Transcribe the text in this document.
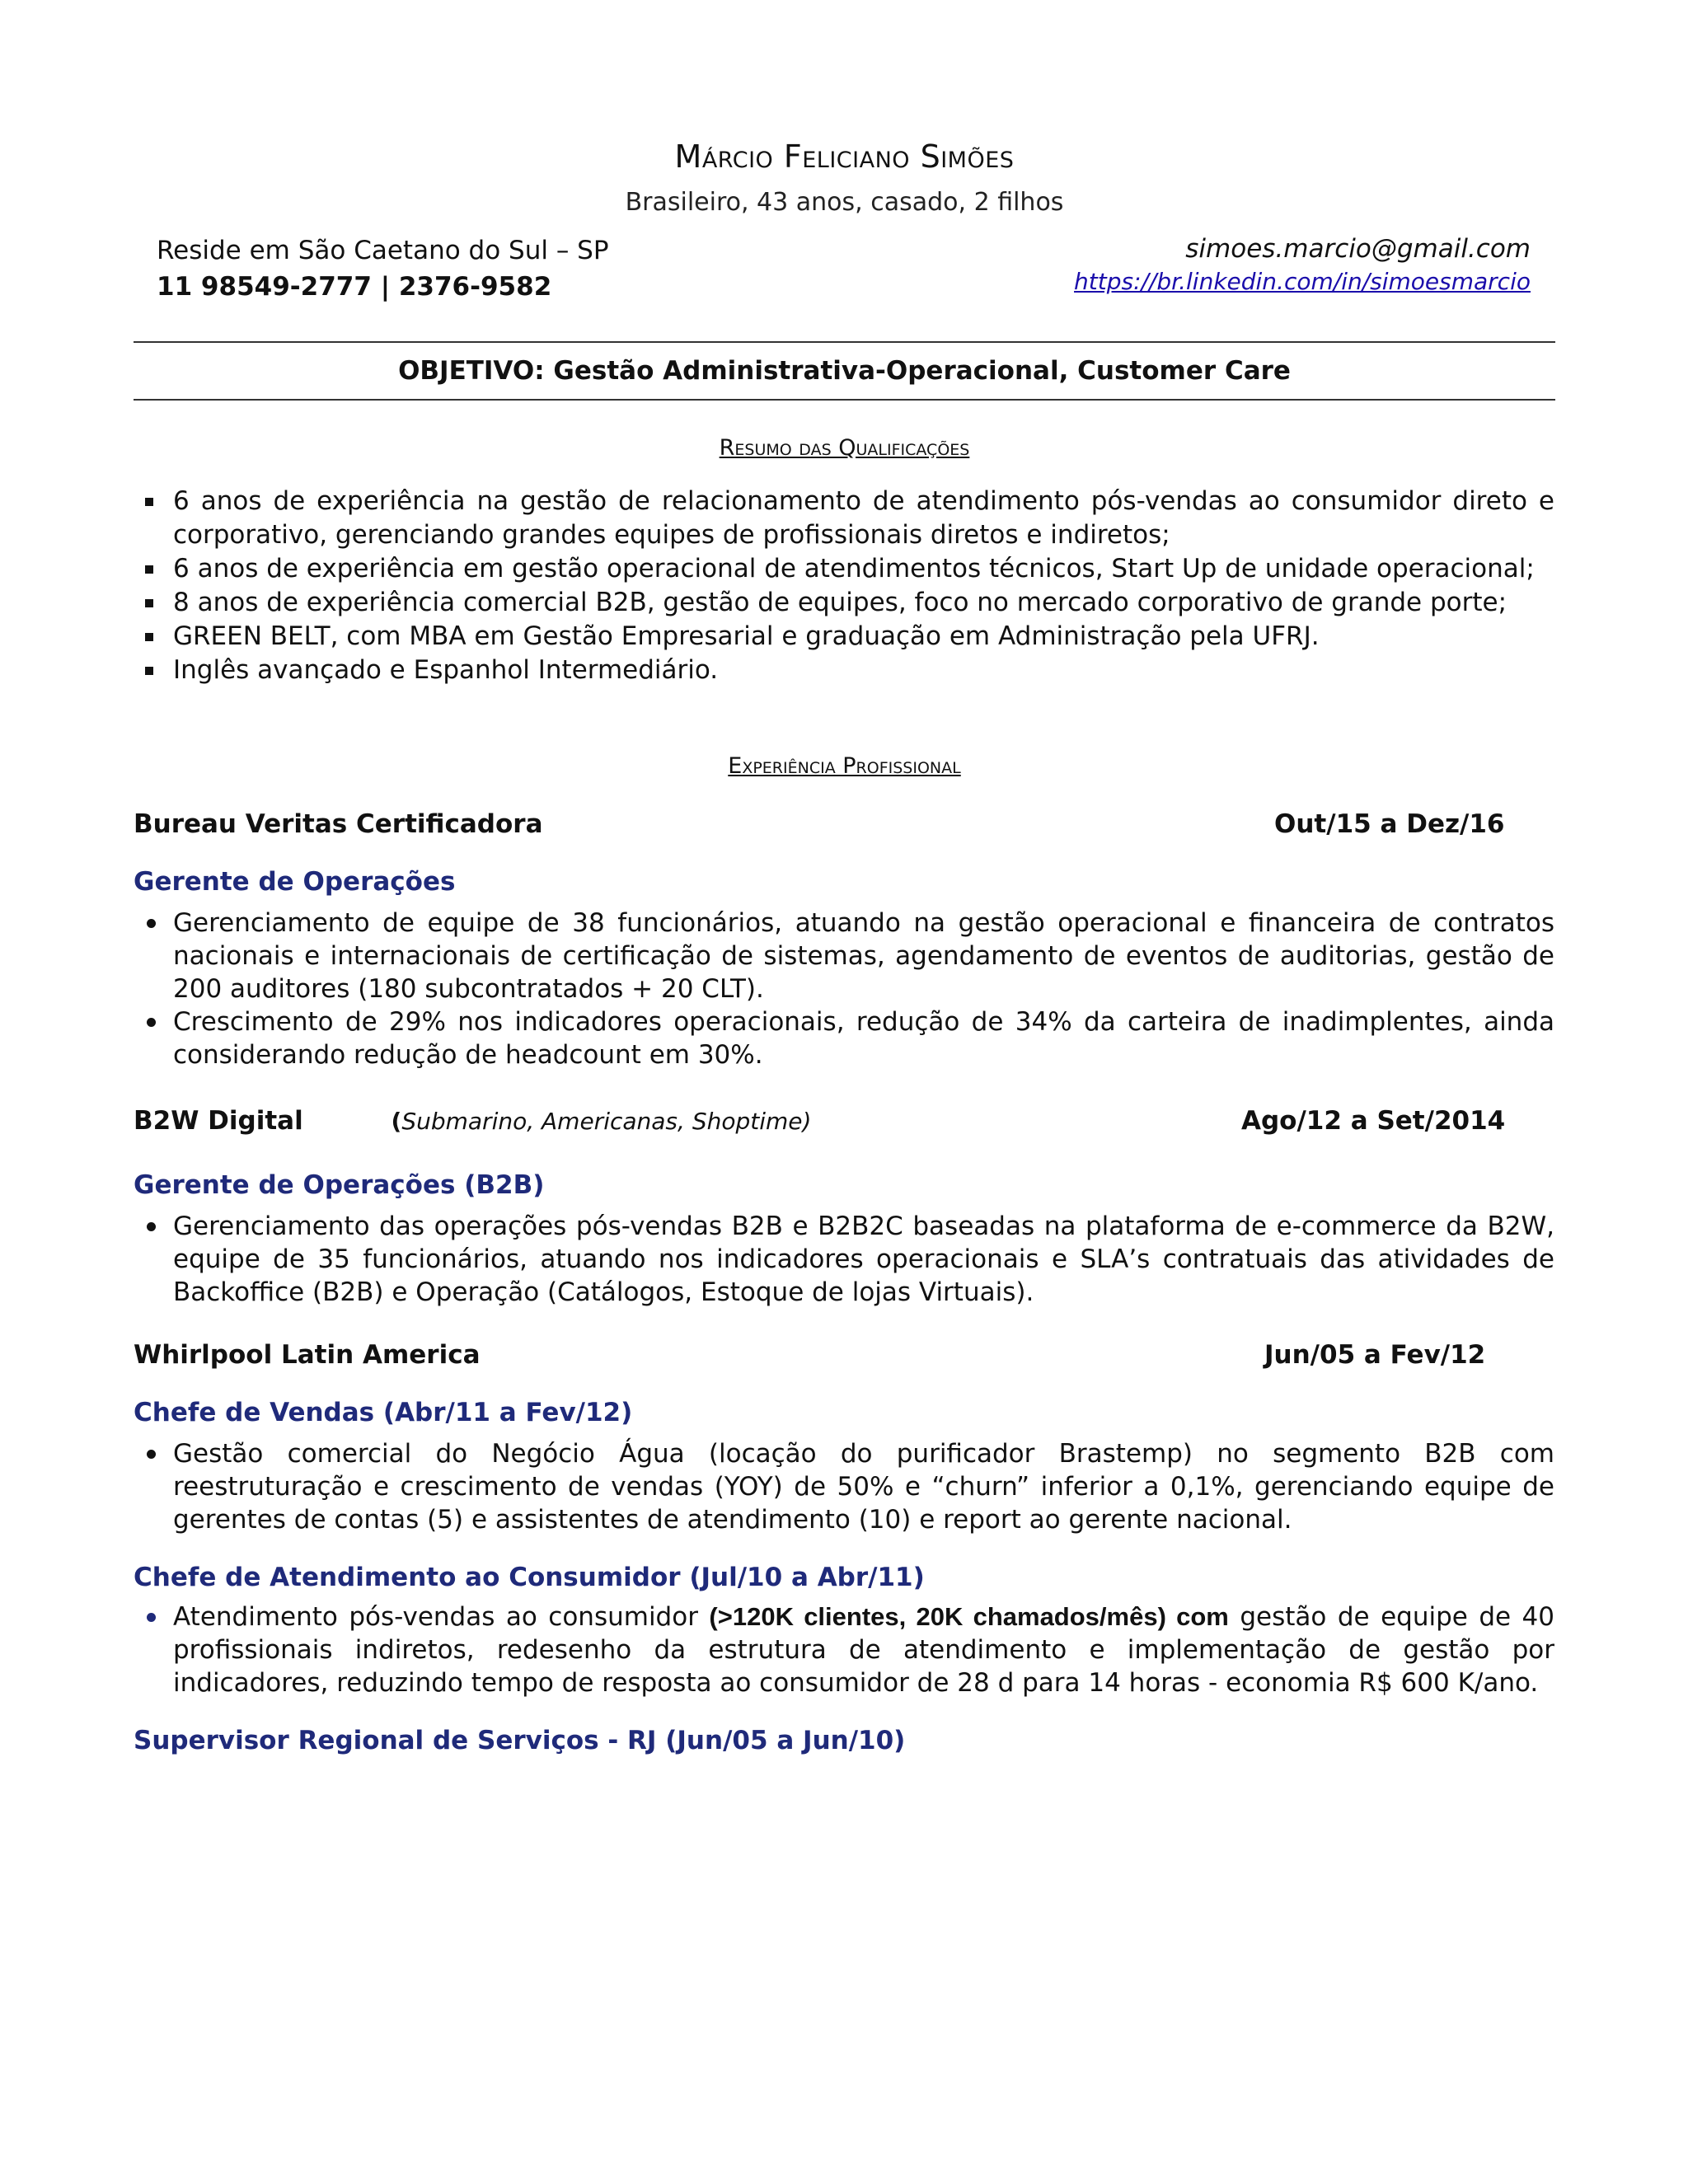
Márcio Feliciano Simões
Brasileiro, 43 anos, casado, 2 filhos
Reside em São Caetano do Sul – SP
11 98549-2777 | 2376-9582
simoes.marcio@gmail.com
https://br.linkedin.com/in/simoesmarcio
OBJETIVO: Gestão Administrativa-Operacional, Customer Care
Resumo das Qualificações
6 anos de experiência na gestão de relacionamento de atendimento pós-vendas ao consumidor direto e corporativo, gerenciando grandes equipes de profissionais diretos e indiretos;
6 anos de experiência em gestão operacional de atendimentos técnicos, Start Up de unidade operacional;
8 anos de experiência comercial B2B, gestão de equipes, foco no mercado corporativo de grande porte;
GREEN BELT, com MBA em Gestão Empresarial e graduação em Administração pela UFRJ.
Inglês avançado e Espanhol Intermediário.
Experiência Profissional
Bureau Veritas Certificadora	Out/15 a Dez/16
Gerente de Operações
Gerenciamento de equipe de 38 funcionários, atuando na gestão operacional e financeira de contratos nacionais e internacionais de certificação de sistemas, agendamento de eventos de auditorias, gestão de 200 auditores (180 subcontratados + 20 CLT).
Crescimento de 29% nos indicadores operacionais, redução de 34% da carteira de inadimplentes, ainda considerando redução de headcount em 30%.
B2W Digital	(Submarino, Americanas, Shoptime)	Ago/12 a Set/2014
Gerente de Operações (B2B)
Gerenciamento das operações pós-vendas B2B e B2B2C baseadas na plataforma de e-commerce da B2W, equipe de 35 funcionários, atuando nos indicadores operacionais e SLA’s contratuais das atividades de Backoffice (B2B) e Operação (Catálogos, Estoque de lojas Virtuais).
Whirlpool Latin America	Jun/05 a Fev/12
Chefe de Vendas (Abr/11 a Fev/12)
Gestão comercial do Negócio Água (locação do purificador Brastemp) no segmento B2B com reestruturação e crescimento de vendas (YOY) de 50% e “churn” inferior a 0,1%, gerenciando equipe de gerentes de contas (5) e assistentes de atendimento (10) e report ao gerente nacional.
Chefe de Atendimento ao Consumidor (Jul/10 a Abr/11)
Atendimento pós-vendas ao consumidor (>120K clientes, 20K chamados/mês) com gestão de equipe de 40 profissionais indiretos, redesenho da estrutura de atendimento e implementação de gestão por indicadores, reduzindo tempo de resposta ao consumidor de 28 d para 14 horas - economia R$ 600 K/ano.
Supervisor Regional de Serviços - RJ (Jun/05 a Jun/10)
